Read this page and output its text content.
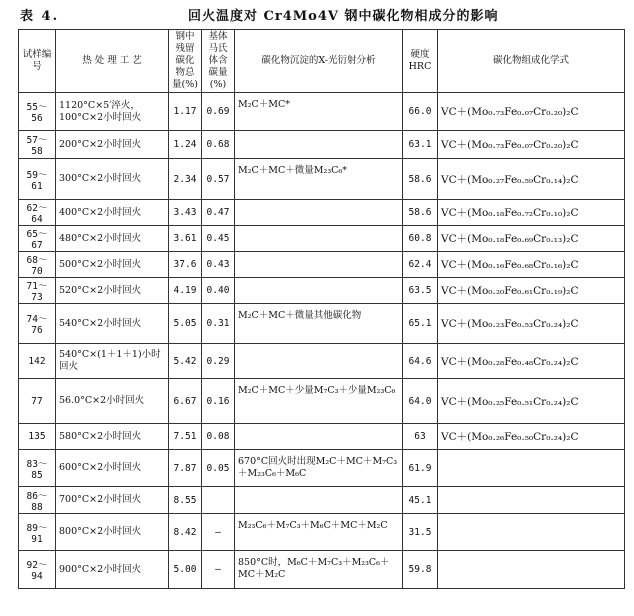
表 4.	回火温度对 Cr4Mo4V 钢中碳化物相成分的影响
试样编号	热 处 理 工 艺	钢中残留碳化物总量(%)	基体马氏体含碳量(%)	碳化物沉淀的X-光衍射分析	硬度 HRC	碳化物组成化学式
55～56	1120°C×5′淬火，100°C×2小时回火	1.17	0.69	M₂C＋MC*	66.0	VC＋(Mo₀.₇₃Fe₀.₀₇Cr₀.₂₀)₂C
57～58	200°C×2小时回火	1.24	0.68		63.1	VC＋(Mo₀.₇₃Fe₀.₀₇Cr₀.₂₀)₂C
59～61	300°C×2小时回火	2.34	0.57	M₂C＋MC＋微量M₂₃C₆*	58.6	VC＋(Mo₀.₂₇Fe₀.₅₉Cr₀.₁₄)₂C
62～64	400°C×2小时回火	3.43	0.47		58.6	VC＋(Mo₀.₁₈Fe₀.₇₂Cr₀.₁₀)₂C
65～67	480°C×2小时回火	3.61	0.45		60.8	VC＋(Mo₀.₁₈Fe₀.₆₉Cr₀.₁₃)₂C
68～70	500°C×2小时回火	37.6	0.43		62.4	VC＋(Mo₀.₁₆Fe₀.₆₈Cr₀.₁₆)₂C
71～73	520°C×2小时回火	4.19	0.40		63.5	VC＋(Mo₀.₂₀Fe₀.₆₁Cr₀.₁₉)₂C
74～76	540°C×2小时回火	5.05	0.31	M₂C＋MC＋微量其他碳化物	65.1	VC＋(Mo₀.₂₃Fe₀.₅₃Cr₀.₂₄)₂C
142	540°C×(1＋1＋1)小时回火	5.42	0.29		64.6	VC＋(Mo₀.₂₈Fe₀.₄₈Cr₀.₂₄)₂C
77	56.0°C×2小时回火	6.67	0.16	M₂C＋MC＋少量M₇C₃＋少量M₂₃C₆	64.0	VC＋(Mo₀.₂₅Fe₀.₅₁Cr₀.₂₄)₂C
135	580°C×2小时回火	7.51	0.08		63	VC＋(Mo₀.₂₆Fe₀.₅₀Cr₀.₂₄)₂C
83～85	600°C×2小时回火	7.87	0.05	670°C回火时出现M₂C＋MC＋M₇C₃＋M₂₃C₆＋M₆C	61.9	
86～88	700°C×2小时回火	8.55			45.1	
89～91	800°C×2小时回火	8.42	—	M₂₃C₆＋M₇C₃＋M₆C＋MC＋M₂C	31.5	
92～94	900°C×2小时回火	5.00	—	850°C时，M₆C＋M₇C₃＋M₂₃C₆＋MC＋M₂C	59.8	
